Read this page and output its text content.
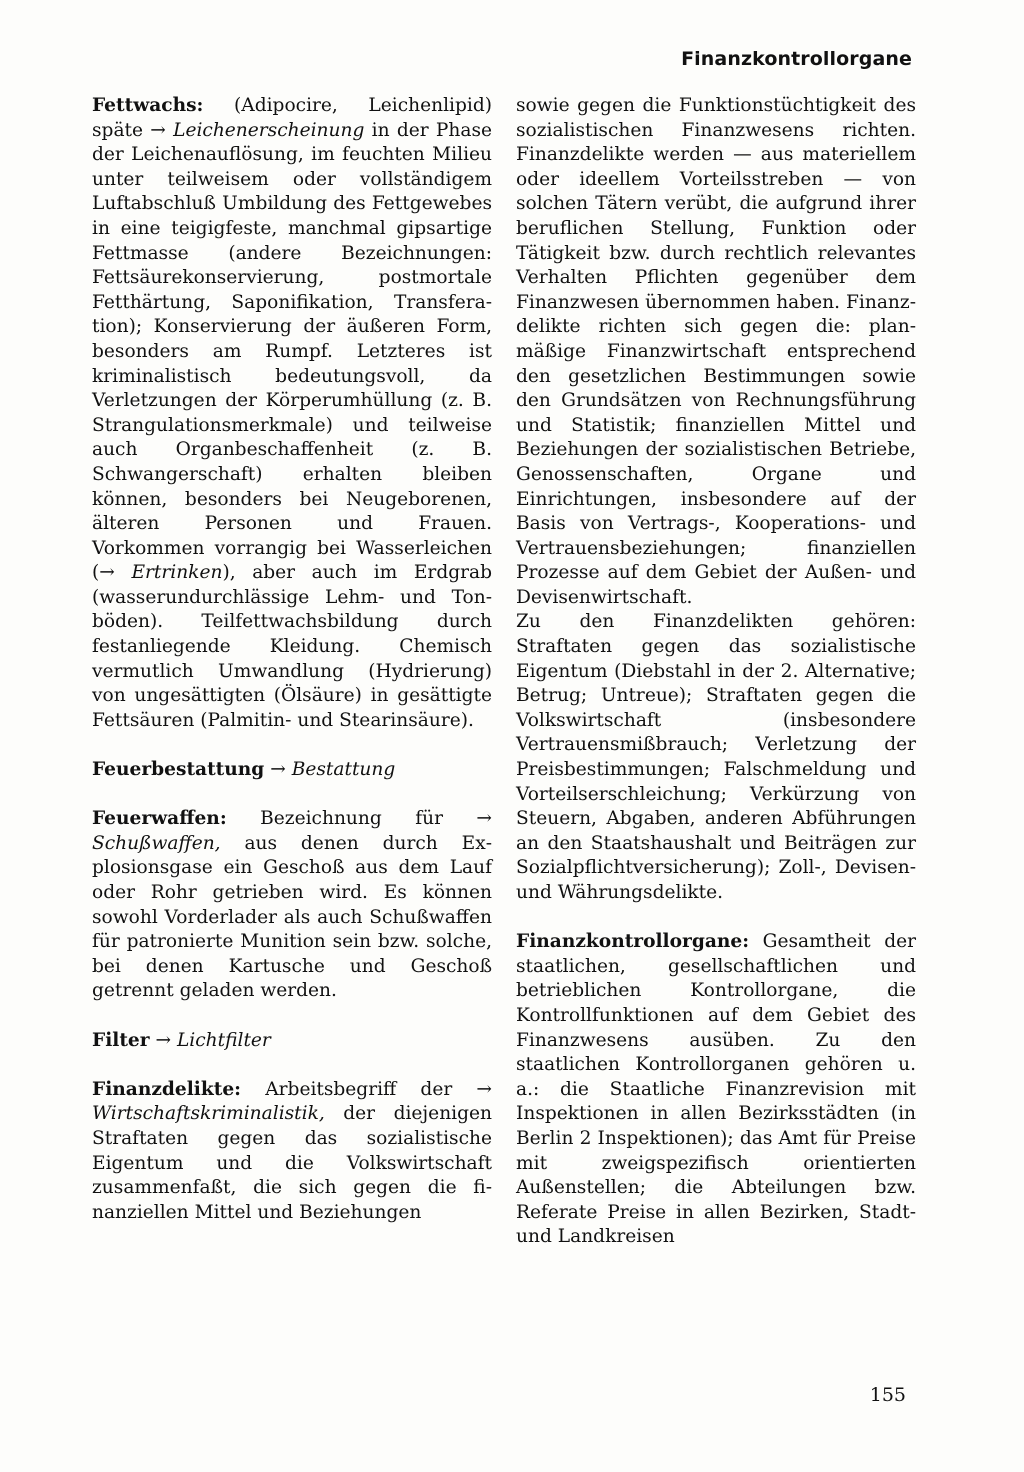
Finanzkontrollorgane

Fettwachs: (Adipocire, Leichenlipid) späte → Leichenerscheinung in der Phase der Leichenauflösung, im feuchten Milieu unter teilweisem oder vollständigem Luftabschluß Umbildung des Fettgewebes in eine teigigfeste, manchmal gipsartige Fettmasse (andere Bezeichnungen: Fettsäurekonservierung, postmortale Fetthärtung, Saponifikation, Transferation); Konservierung der äußeren Form, besonders am Rumpf. Letzteres ist kriminalistisch bedeutungsvoll, da Verletzungen der Körperumhüllung (z. B. Strangulationsmerkmale) und teilweise auch Organbeschaffenheit (z. B. Schwangerschaft) erhalten bleiben können, besonders bei Neugeborenen, älteren Personen und Frauen. Vorkommen vorrangig bei Wasserleichen (→ Ertrinken), aber auch im Erdgrab (wasserundurchlässige Lehm- und Tonböden). Teilfettwachsbildung durch festanliegende Kleidung. Chemisch vermutlich Umwandlung (Hydrierung) von ungesättigten (Ölsäure) in gesättigte Fettsäuren (Palmitin- und Stearinsäure).

Feuerbestattung → Bestattung

Feuerwaffen: Bezeichnung für → Schußwaffen, aus denen durch Explosionsgase ein Geschoß aus dem Lauf oder Rohr getrieben wird. Es können sowohl Vorderlader als auch Schußwaffen für patronierte Munition sein bzw. solche, bei denen Kartusche und Geschoß getrennt geladen werden.

Filter → Lichtfilter

Finanzdelikte: Arbeitsbegriff der → Wirtschaftskriminalistik, der diejenigen Straftaten gegen das sozialistische Eigentum und die Volkswirtschaft zusammenfaßt, die sich gegen die finanziellen Mittel und Beziehungen

sowie gegen die Funktionstüchtigkeit des sozialistischen Finanzwesens richten. Finanzdelikte werden — aus materiellem oder ideellem Vorteilsstreben — von solchen Tätern verübt, die aufgrund ihrer beruflichen Stellung, Funktion oder Tätigkeit bzw. durch rechtlich relevantes Verhalten Pflichten gegenüber dem Finanzwesen übernommen haben. Finanzdelikte richten sich gegen die: planmäßige Finanzwirtschaft entsprechend den gesetzlichen Bestimmungen sowie den Grundsätzen von Rechnungsführung und Statistik; finanziellen Mittel und Beziehungen der sozialistischen Betriebe, Genossenschaften, Organe und Einrichtungen, insbesondere auf der Basis von Vertrags-, Kooperations- und Vertrauensbeziehungen; finanziellen Prozesse auf dem Gebiet der Außen- und Devisenwirtschaft.

Zu den Finanzdelikten gehören: Straftaten gegen das sozialistische Eigentum (Diebstahl in der 2. Alternative; Betrug; Untreue); Straftaten gegen die Volkswirtschaft (insbesondere Vertrauensmißbrauch; Verletzung der Preisbestimmungen; Falschmeldung und Vorteilserschleichung; Verkürzung von Steuern, Abgaben, anderen Abführungen an den Staatshaushalt und Beiträgen zur Sozialpflichtversicherung); Zoll-, Devisen- und Währungsdelikte.

Finanzkontrollorgane: Gesamtheit der staatlichen, gesellschaftlichen und betrieblichen Kontrollorgane, die Kontrollfunktionen auf dem Gebiet des Finanzwesens ausüben. Zu den staatlichen Kontrollorganen gehören u. a.: die Staatliche Finanzrevision mit Inspektionen in allen Bezirksstädten (in Berlin 2 Inspektionen); das Amt für Preise mit zweigspezifisch orientierten Außenstellen; die Abteilungen bzw. Referate Preise in allen Bezirken, Stadt- und Landkreisen

155
